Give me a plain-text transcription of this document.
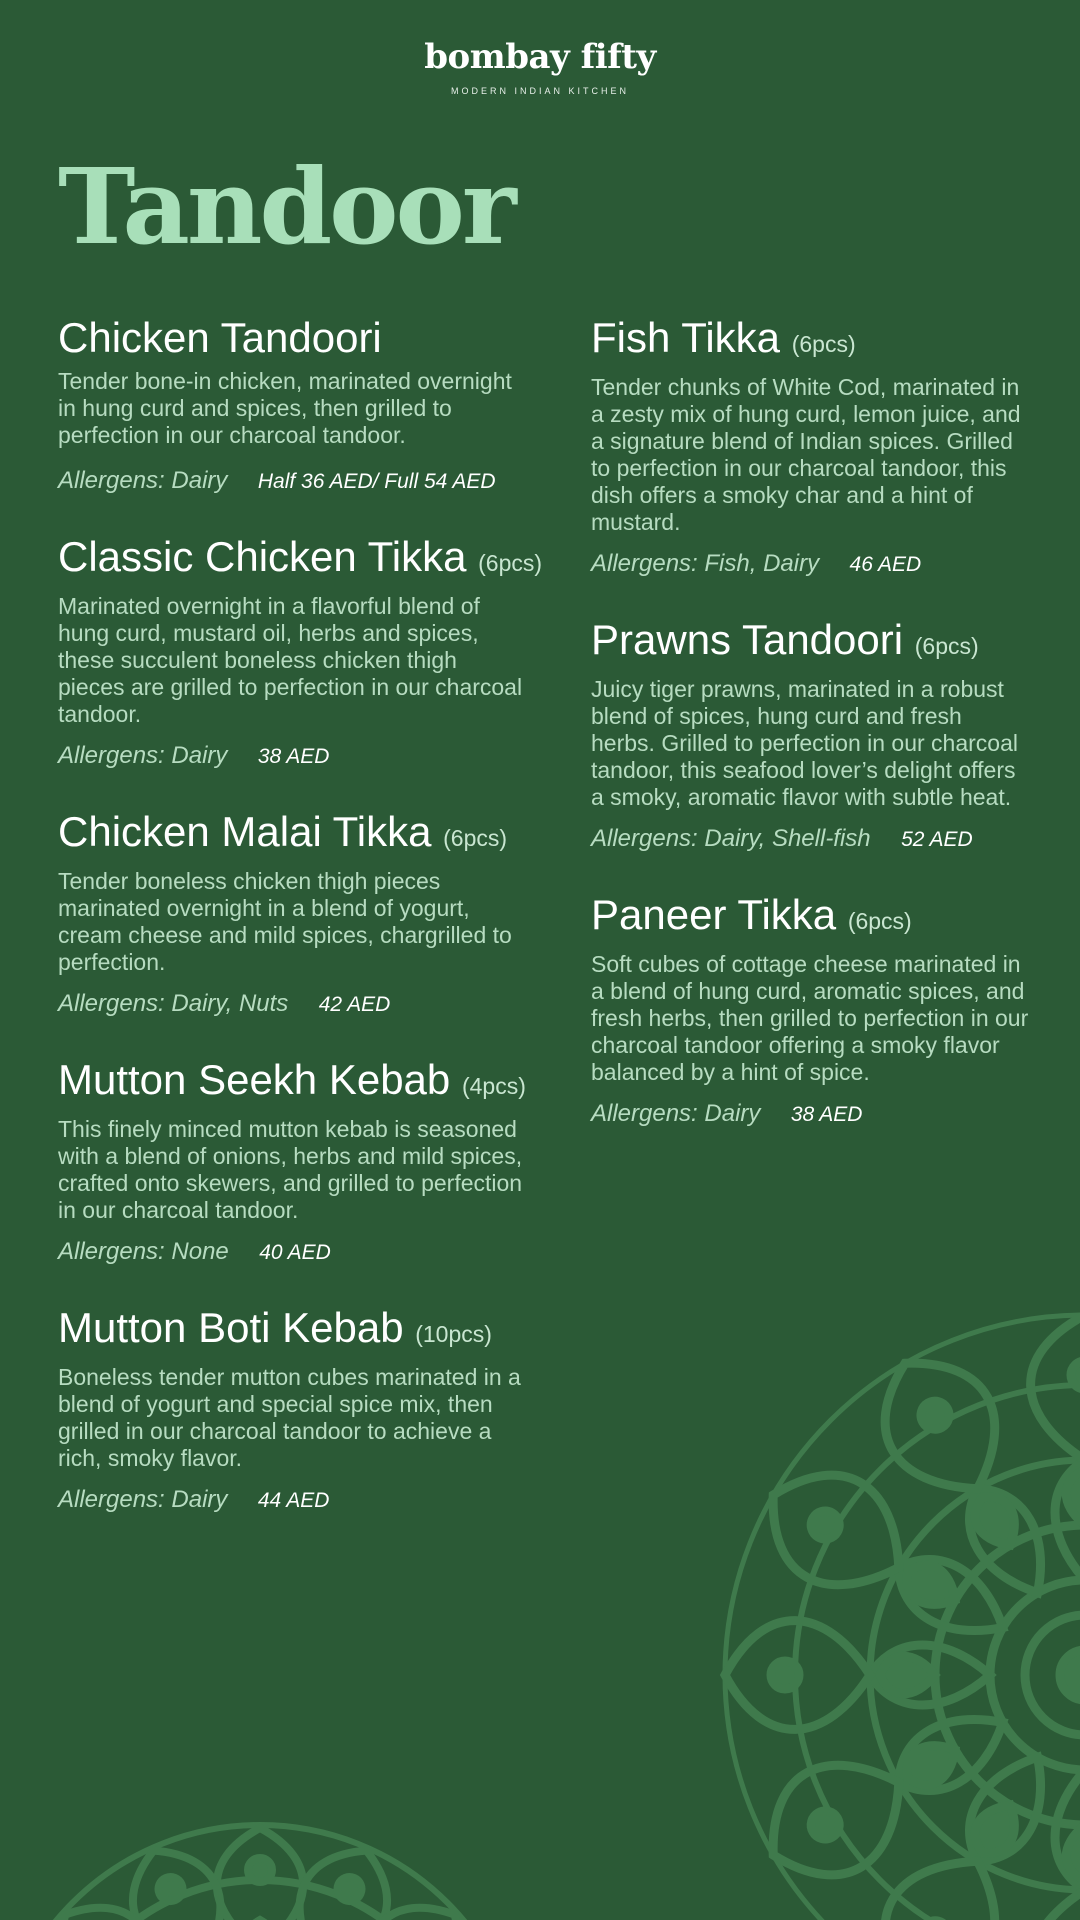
bombay fifty
MODERN INDIAN KITCHEN
Tandoor
Chicken Tandoori

Tender bone-in chicken, marinated overnight in hung curd and spices, then grilled to perfection in our charcoal tandoor.

Allergens: Dairy Half 36 AED/ Full 54 AED
Classic Chicken Tikka (6pcs)

Marinated overnight in a flavorful blend of hung curd, mustard oil, herbs and spices, these succulent boneless chicken thigh pieces are grilled to perfection in our charcoal tandoor.

Allergens: Dairy 38 AED
Chicken Malai Tikka (6pcs)

Tender boneless chicken thigh pieces marinated overnight in a blend of yogurt, cream cheese and mild spices, chargrilled to perfection.

Allergens: Dairy, Nuts 42 AED
Mutton Seekh Kebab (4pcs)

This finely minced mutton kebab is seasoned with a blend of onions, herbs and mild spices, crafted onto skewers, and grilled to perfection in our charcoal tandoor.

Allergens: None 40 AED
Mutton Boti Kebab (10pcs)

Boneless tender mutton cubes marinated in a blend of yogurt and special spice mix, then grilled in our charcoal tandoor to achieve a rich, smoky flavor.

Allergens: Dairy 44 AED
Fish Tikka (6pcs)

Tender chunks of White Cod, marinated in a zesty mix of hung curd, lemon juice, and a signature blend of Indian spices. Grilled to perfection in our charcoal tandoor, this dish offers a smoky char and a hint of mustard.

Allergens: Fish, Dairy 46 AED
Prawns Tandoori (6pcs)

Juicy tiger prawns, marinated in a robust blend of spices, hung curd and fresh herbs. Grilled to perfection in our charcoal tandoor, this seafood lover’s delight offers a smoky, aromatic flavor with subtle heat.

Allergens: Dairy, Shell-fish 52 AED
Paneer Tikka (6pcs)

Soft cubes of cottage cheese marinated in a blend of hung curd, aromatic spices, and fresh herbs, then grilled to perfection in our charcoal tandoor offering a smoky flavor balanced by a hint of spice.

Allergens: Dairy 38 AED
